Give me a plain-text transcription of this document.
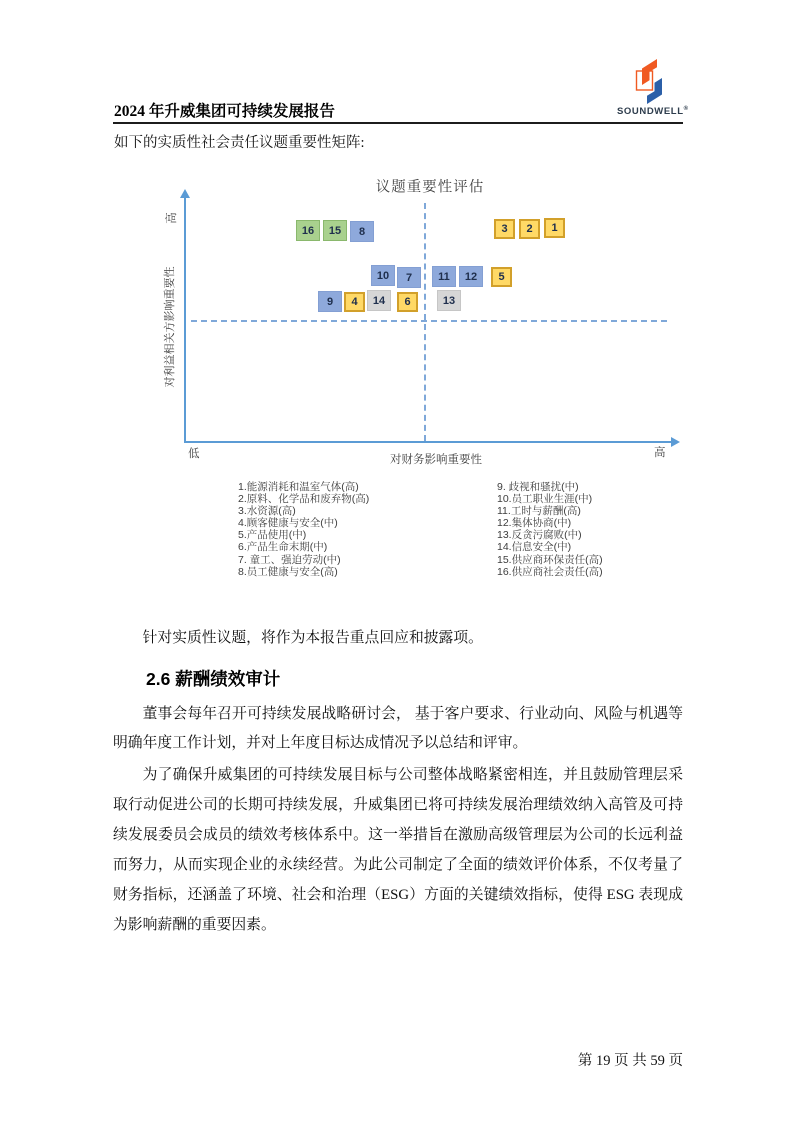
2024 年升威集团可持续发展报告	SOUNDWELL®
如下的实质性社会责任议题重要性矩阵:
议题重要性评估
高
对利益相关方影响重要性
低	高
对财务影响重要性
16	15	8	3	2	1
10	7	11	12	5
9	4	14	6	13
1.能源消耗和温室气体(高)
2.原料、化学品和废弃物(高)
3.水资源(高)
4.顾客健康与安全(中)
5.产品使用(中)
6.产品生命末期(中)
7. 童工、强迫劳动(中)
8.员工健康与安全(高)
9. 歧视和骚扰(中)
10.员工职业生涯(中)
11.工时与薪酬(高)
12.集体协商(中)
13.反贪污腐败(中)
14.信息安全(中)
15.供应商环保责任(高)
16.供应商社会责任(高)

针对实质性议题，将作为本报告重点回应和披露项。

2.6 薪酬绩效审计

董事会每年召开可持续发展战略研讨会， 基于客户要求、行业动向、风险与机遇等明确年度工作计划，并对上年度目标达成情况予以总结和评审。

为了确保升威集团的可持续发展目标与公司整体战略紧密相连，并且鼓励管理层采取行动促进公司的长期可持续发展，升威集团已将可持续发展治理绩效纳入高管及可持续发展委员会成员的绩效考核体系中。这一举措旨在激励高级管理层为公司的长远利益而努力，从而实现企业的永续经营。为此公司制定了全面的绩效评价体系，不仅考量了财务指标，还涵盖了环境、社会和治理（ESG）方面的关键绩效指标，使得 ESG 表现成为影响薪酬的重要因素。

第 19 页 共 59 页
